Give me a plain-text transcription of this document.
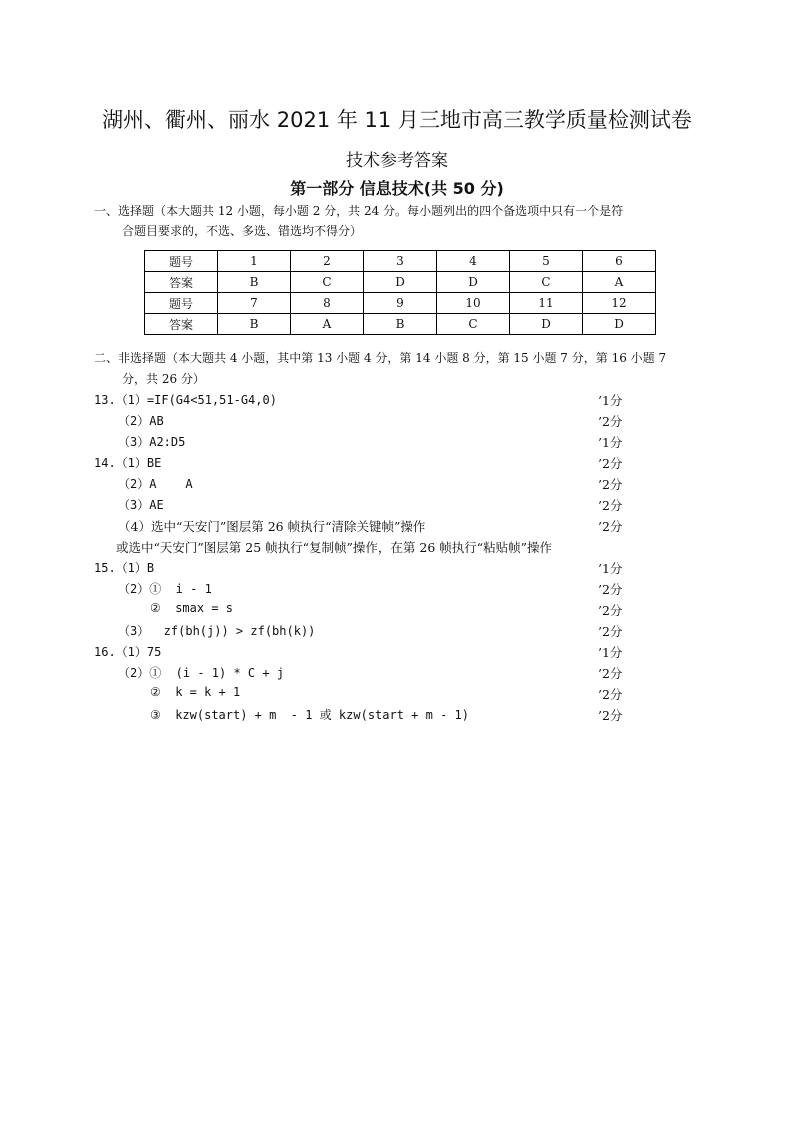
湖州、衢州、丽水 2021 年 11 月三地市高三教学质量检测试卷
技术参考答案
第一部分 信息技术(共 50 分)
一、选择题（本大题共 12 小题，每小题 2 分，共 24 分。每小题列出的四个备选项中只有一个是符
合题目要求的，不选、多选、错选均不得分）
题号	1	2	3	4	5	6
答案	B	C	D	D	C	A
题号	7	8	9	10	11	12
答案	B	A	B	C	D	D
二、非选择题（本大题共 4 小题，其中第 13 小题 4 分，第 14 小题 8 分，第 15 小题 7 分，第 16 小题 7
分，共 26 分）
13.（1）=IF(G4<51,51-G4,0)	’1分
（2）AB	’2分
（3）A2:D5	’1分
14.（1）BE	’2分
（2）A    A	’2分
（3）AE	’2分
（4）选中“天安门”图层第 26 帧执行“清除关键帧”操作	’2分
或选中“天安门”图层第 25 帧执行“复制帧”操作，在第 26 帧执行“粘贴帧”操作
15.（1）B	’1分
（2）①  i - 1	’2分
②  smax = s	’2分
（3）  zf(bh(j)) > zf(bh(k))	’2分
16.（1）75	’1分
（2）①  (i - 1) * C + j	’2分
②  k = k + 1	’2分
③  kzw(start) + m  - 1 或 kzw(start + m - 1)	’2分
